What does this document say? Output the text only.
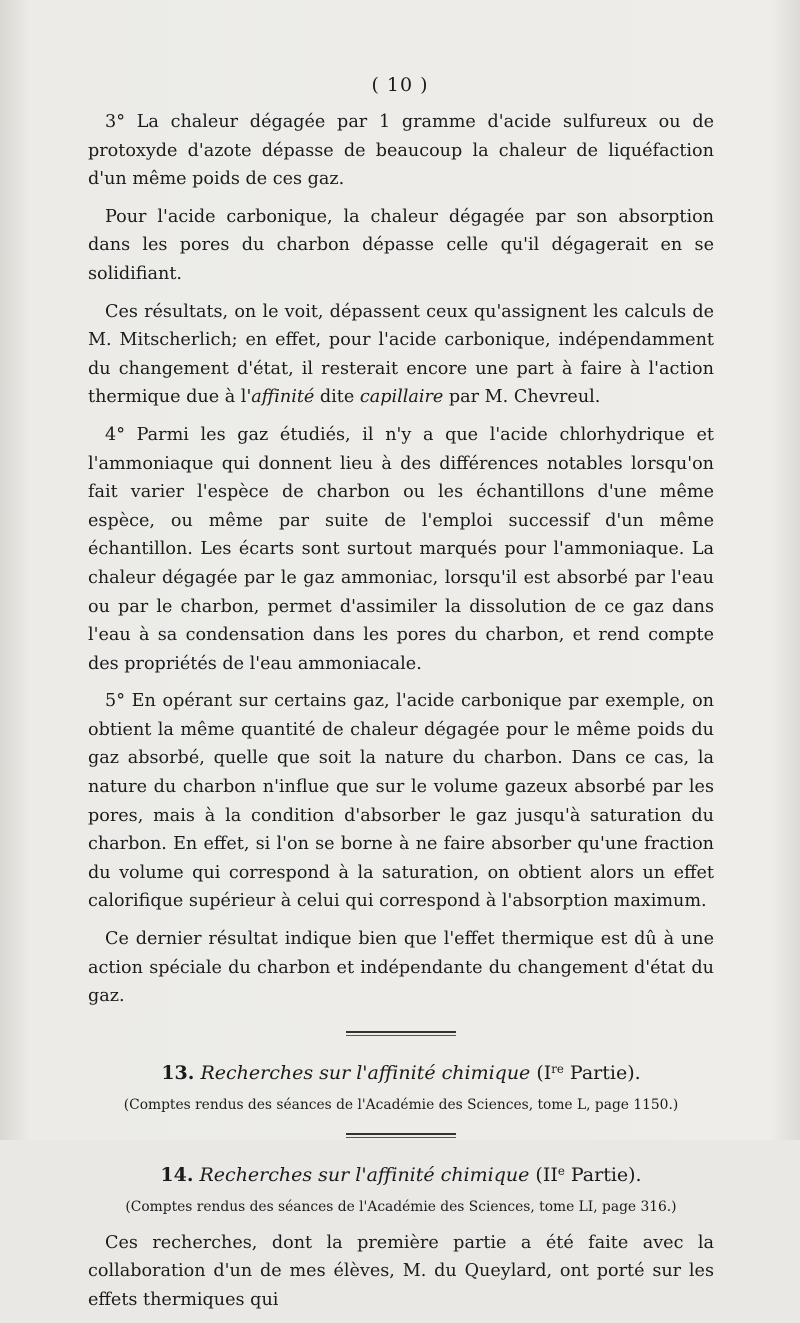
( 10 )

3° La chaleur dégagée par 1 gramme d'acide sulfureux ou de protoxyde d'azote dépasse de beaucoup la chaleur de liquéfaction d'un même poids de ces gaz.

Pour l'acide carbonique, la chaleur dégagée par son absorption dans les pores du charbon dépasse celle qu'il dégagerait en se solidifiant.

Ces résultats, on le voit, dépassent ceux qu'assignent les calculs de M. Mitscherlich; en effet, pour l'acide carbonique, indépendamment du changement d'état, il resterait encore une part à faire à l'action thermique due à l'affinité dite capillaire par M. Chevreul.

4° Parmi les gaz étudiés, il n'y a que l'acide chlorhydrique et l'ammoniaque qui donnent lieu à des différences notables lorsqu'on fait varier l'espèce de charbon ou les échantillons d'une même espèce, ou même par suite de l'emploi successif d'un même échantillon. Les écarts sont surtout marqués pour l'ammoniaque. La chaleur dégagée par le gaz ammoniac, lorsqu'il est absorbé par l'eau ou par le charbon, permet d'assimiler la dissolution de ce gaz dans l'eau à sa condensation dans les pores du charbon, et rend compte des propriétés de l'eau ammoniacale.

5° En opérant sur certains gaz, l'acide carbonique par exemple, on obtient la même quantité de chaleur dégagée pour le même poids du gaz absorbé, quelle que soit la nature du charbon. Dans ce cas, la nature du charbon n'influe que sur le volume gazeux absorbé par les pores, mais à la condition d'absorber le gaz jusqu'à saturation du charbon. En effet, si l'on se borne à ne faire absorber qu'une fraction du volume qui correspond à la saturation, on obtient alors un effet calorifique supérieur à celui qui correspond à l'absorption maximum.

Ce dernier résultat indique bien que l'effet thermique est dû à une action spéciale du charbon et indépendante du changement d'état du gaz.

13. Recherches sur l'affinité chimique (Ire Partie).
(Comptes rendus des séances de l'Académie des Sciences, tome L, page 1150.)
14. Recherches sur l'affinité chimique (IIe Partie).
(Comptes rendus des séances de l'Académie des Sciences, tome LI, page 316.)

Ces recherches, dont la première partie a été faite avec la collaboration d'un de mes élèves, M. du Queylard, ont porté sur les effets thermiques qui
